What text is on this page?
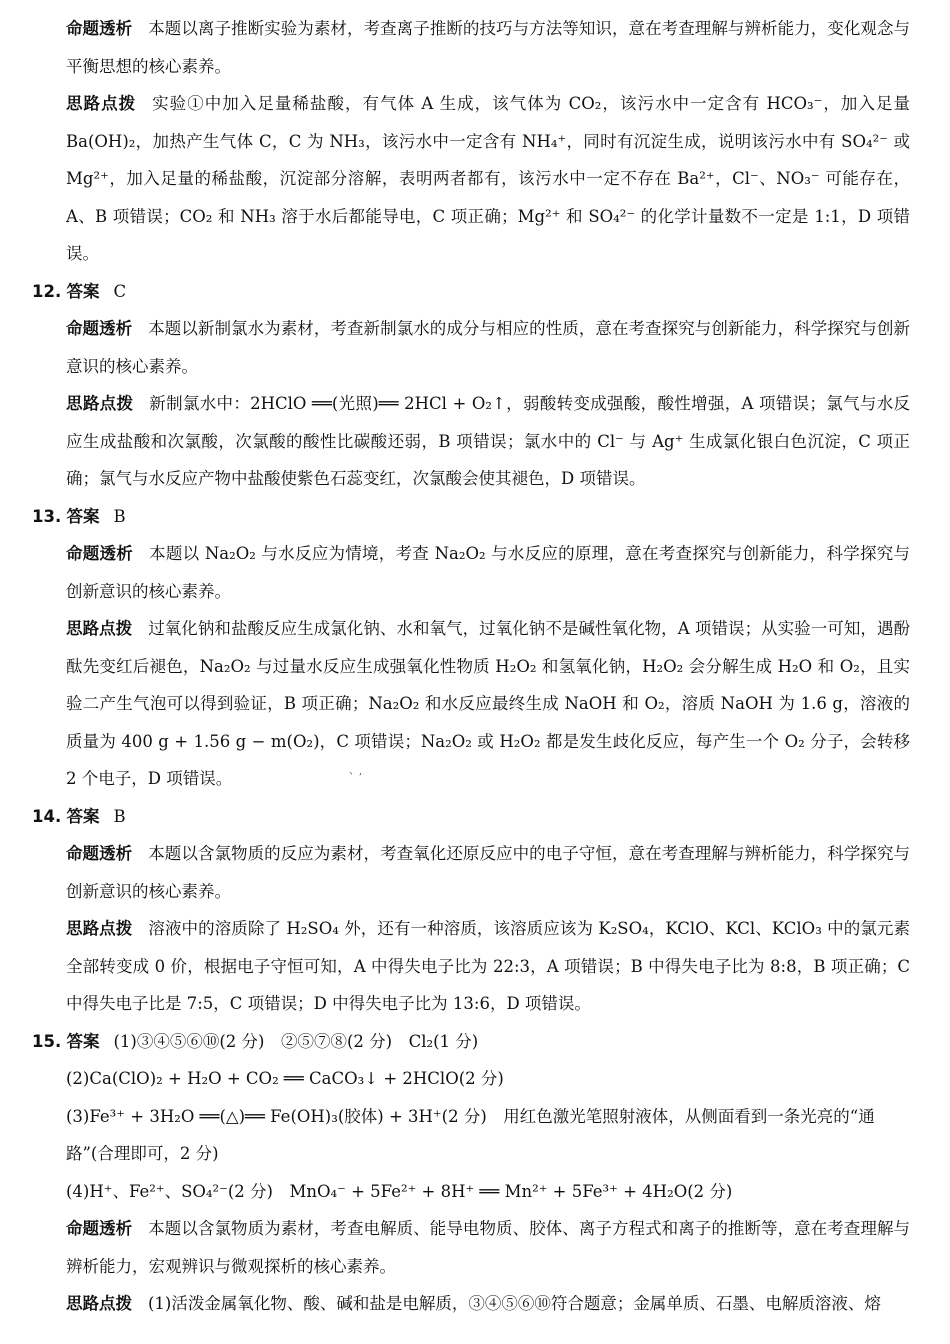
命题透析 本题以离子推断实验为素材，考查离子推断的技巧与方法等知识，意在考查理解与辨析能力，变化观念与平衡思想的核心素养。

思路点拨 实验①中加入足量稀盐酸，有气体 A 生成，该气体为 CO₂，该污水中一定含有 HCO₃⁻，加入足量 Ba(OH)₂，加热产生气体 C，C 为 NH₃，该污水中一定含有 NH₄⁺，同时有沉淀生成，说明该污水中有 SO₄²⁻ 或 Mg²⁺，加入足量的稀盐酸，沉淀部分溶解，表明两者都有，该污水中一定不存在 Ba²⁺，Cl⁻、NO₃⁻ 可能存在，A、B 项错误；CO₂ 和 NH₃ 溶于水后都能导电，C 项正确；Mg²⁺ 和 SO₄²⁻ 的化学计量数不一定是 1:1，D 项错误。

12. 答案 C

命题透析 本题以新制氯水为素材，考查新制氯水的成分与相应的性质，意在考查探究与创新能力，科学探究与创新意识的核心素养。

思路点拨 新制氯水中：2HClO ══(光照)══ 2HCl + O₂↑，弱酸转变成强酸，酸性增强，A 项错误；氯气与水反应生成盐酸和次氯酸，次氯酸的酸性比碳酸还弱，B 项错误；氯水中的 Cl⁻ 与 Ag⁺ 生成氯化银白色沉淀，C 项正确；氯气与水反应产物中盐酸使紫色石蕊变红，次氯酸会使其褪色，D 项错误。

13. 答案 B

命题透析 本题以 Na₂O₂ 与水反应为情境，考查 Na₂O₂ 与水反应的原理，意在考查探究与创新能力，科学探究与创新意识的核心素养。

思路点拨 过氧化钠和盐酸反应生成氯化钠、水和氧气，过氧化钠不是碱性氧化物，A 项错误；从实验一可知，遇酚酞先变红后褪色，Na₂O₂ 与过量水反应生成强氧化性物质 H₂O₂ 和氢氧化钠，H₂O₂ 会分解生成 H₂O 和 O₂，且实验二产生气泡可以得到验证，B 项正确；Na₂O₂ 和水反应最终生成 NaOH 和 O₂，溶质 NaOH 为 1.6 g，溶液的质量为 400 g + 1.56 g − m(O₂)，C 项错误；Na₂O₂ 或 H₂O₂ 都是发生歧化反应，每产生一个 O₂ 分子，会转移 2 个电子，D 项错误。

14. 答案 B

命题透析 本题以含氯物质的反应为素材，考查氧化还原反应中的电子守恒，意在考查理解与辨析能力，科学探究与创新意识的核心素养。

思路点拨 溶液中的溶质除了 H₂SO₄ 外，还有一种溶质，该溶质应该为 K₂SO₄，KClO、KCl、KClO₃ 中的氯元素全部转变成 0 价，根据电子守恒可知，A 中得失电子比为 22:3，A 项错误；B 中得失电子比为 8:8，B 项正确；C 中得失电子比是 7:5，C 项错误；D 中得失电子比为 13:6，D 项错误。

15. 答案 (1)③④⑤⑥⑩(2 分)　②⑤⑦⑧(2 分)　Cl₂(1 分)

(2)Ca(ClO)₂ + H₂O + CO₂ ══ CaCO₃↓ + 2HClO(2 分)

(3)Fe³⁺ + 3H₂O ══(△)══ Fe(OH)₃(胶体) + 3H⁺(2 分)　用红色激光笔照射液体，从侧面看到一条光亮的“通路”(合理即可，2 分)

(4)H⁺、Fe²⁺、SO₄²⁻(2 分)　MnO₄⁻ + 5Fe²⁺ + 8H⁺ ══ Mn²⁺ + 5Fe³⁺ + 4H₂O(2 分)

命题透析 本题以含氯物质为素材，考查电解质、能导电物质、胶体、离子方程式和离子的推断等，意在考查理解与辨析能力，宏观辨识与微观探析的核心素养。

思路点拨 (1)活泼金属氧化物、酸、碱和盐是电解质，③④⑤⑥⑩符合题意；金属单质、石墨、电解质溶液、熔

、,
